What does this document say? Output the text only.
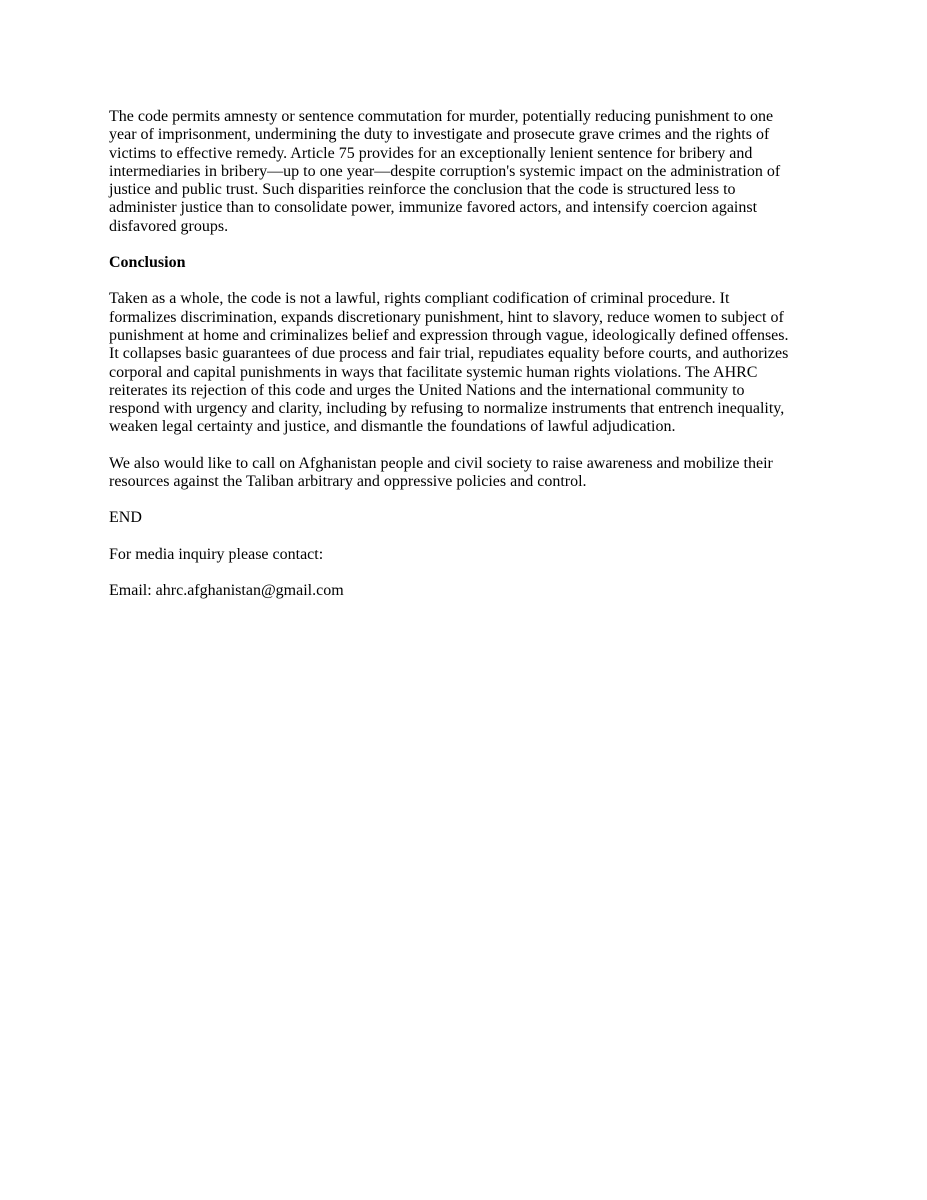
The code permits amnesty or sentence commutation for murder, potentially reducing punishment to one
year of imprisonment, undermining the duty to investigate and prosecute grave crimes and the rights of
victims to effective remedy. Article 75 provides for an exceptionally lenient sentence for bribery and
intermediaries in bribery—up to one year—despite corruption's systemic impact on the administration of
justice and public trust. Such disparities reinforce the conclusion that the code is structured less to
administer justice than to consolidate power, immunize favored actors, and intensify coercion against
disfavored groups.

Conclusion

Taken as a whole, the code is not a lawful, rights compliant codification of criminal procedure. It
formalizes discrimination, expands discretionary punishment, hint to slavory, reduce women to subject of
punishment at home and criminalizes belief and expression through vague, ideologically defined offenses.
It collapses basic guarantees of due process and fair trial, repudiates equality before courts, and authorizes
corporal and capital punishments in ways that facilitate systemic human rights violations. The AHRC
reiterates its rejection of this code and urges the United Nations and the international community to
respond with urgency and clarity, including by refusing to normalize instruments that entrench inequality,
weaken legal certainty and justice, and dismantle the foundations of lawful adjudication.

We also would like to call on Afghanistan people and civil society to raise awareness and mobilize their
resources against the Taliban arbitrary and oppressive policies and control.

END

For media inquiry please contact:

Email: ahrc.afghanistan@gmail.com
